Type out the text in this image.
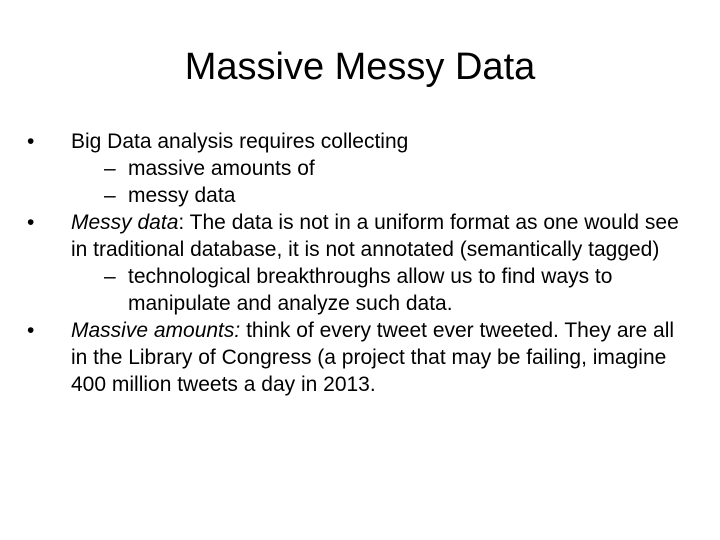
Massive Messy Data
• Big Data analysis requires collecting
– massive amounts of
– messy data
• Messy data: The data is not in a uniform format as one would see in traditional database, it is not annotated (semantically tagged)
– technological breakthroughs allow us to find ways to manipulate and analyze such data.
• Massive amounts: think of every tweet ever tweeted. They are all in the Library of Congress (a project that may be failing, imagine 400 million tweets a day in 2013.
